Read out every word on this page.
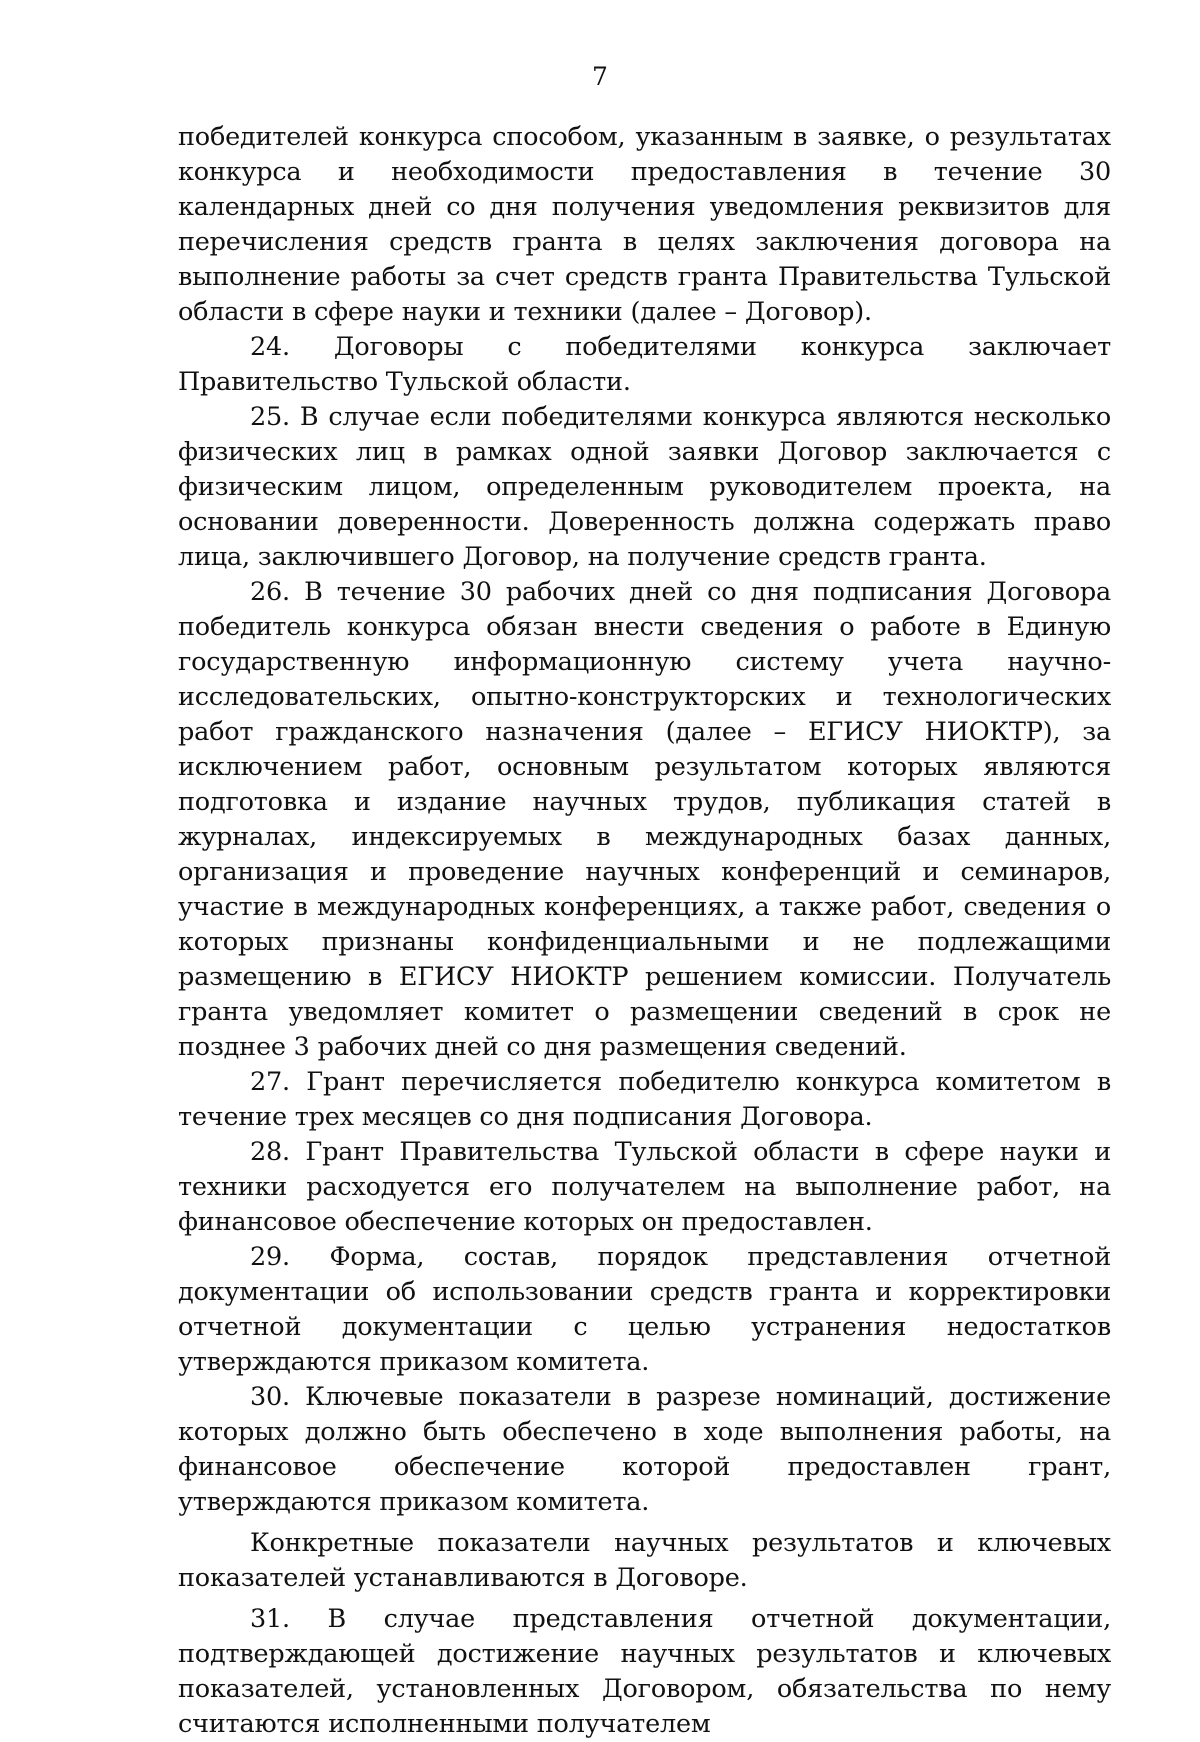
7

победителей конкурса способом, указанным в заявке, о результатах конкурса и необходимости предоставления в течение 30 календарных дней со дня получения уведомления реквизитов для перечисления средств гранта в целях заключения договора на выполнение работы за счет средств гранта Правительства Тульской области в сфере науки и техники (далее – Договор).

24. Договоры с победителями конкурса заключает Правительство Тульской области.

25. В случае если победителями конкурса являются несколько физических лиц в рамках одной заявки Договор заключается с физическим лицом, определенным руководителем проекта, на основании доверенности. Доверенность должна содержать право лица, заключившего Договор, на получение средств гранта.

26. В течение 30 рабочих дней со дня подписания Договора победитель конкурса обязан внести сведения о работе в Единую государственную информационную систему учета научно-исследовательских, опытно-конструкторских и технологических работ гражданского назначения (далее – ЕГИСУ НИОКТР), за исключением работ, основным результатом которых являются подготовка и издание научных трудов, публикация статей в журналах, индексируемых в международных базах данных, организация и проведение научных конференций и семинаров, участие в международных конференциях, а также работ, сведения о которых признаны конфиденциальными и не подлежащими размещению в ЕГИСУ НИОКТР решением комиссии. Получатель гранта уведомляет комитет о размещении сведений в срок не позднее 3 рабочих дней со дня размещения сведений.

27. Грант перечисляется победителю конкурса комитетом в течение трех месяцев со дня подписания Договора.

28. Грант Правительства Тульской области в сфере науки и техники расходуется его получателем на выполнение работ, на финансовое обеспечение которых он предоставлен.

29. Форма, состав, порядок представления отчетной документации об использовании средств гранта и корректировки отчетной документации с целью устранения недостатков утверждаются приказом комитета.

30. Ключевые показатели в разрезе номинаций, достижение которых должно быть обеспечено в ходе выполнения работы, на финансовое обеспечение которой предоставлен грант, утверждаются приказом комитета.

Конкретные показатели научных результатов и ключевых показателей устанавливаются в Договоре.

31. В случае представления отчетной документации, подтверждающей достижение научных результатов и ключевых показателей, установленных Договором, обязательства по нему считаются исполненными получателем
